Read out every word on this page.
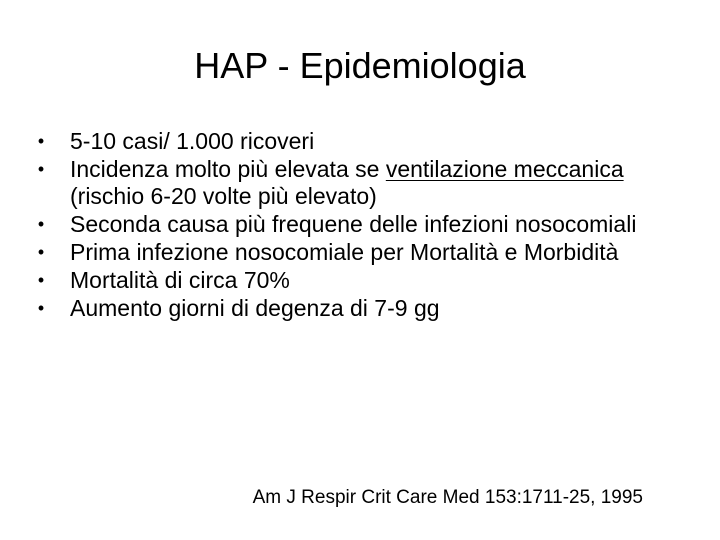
HAP - Epidemiologia
• 5-10 casi/ 1.000 ricoveri
• Incidenza molto più elevata se ventilazione meccanica (rischio 6-20 volte più elevato)
• Seconda causa più frequene delle infezioni nosocomiali
• Prima infezione nosocomiale per Mortalità e Morbidità
• Mortalità di circa 70%
• Aumento giorni di degenza di 7-9 gg

Am J Respir Crit Care Med 153:1711-25, 1995
